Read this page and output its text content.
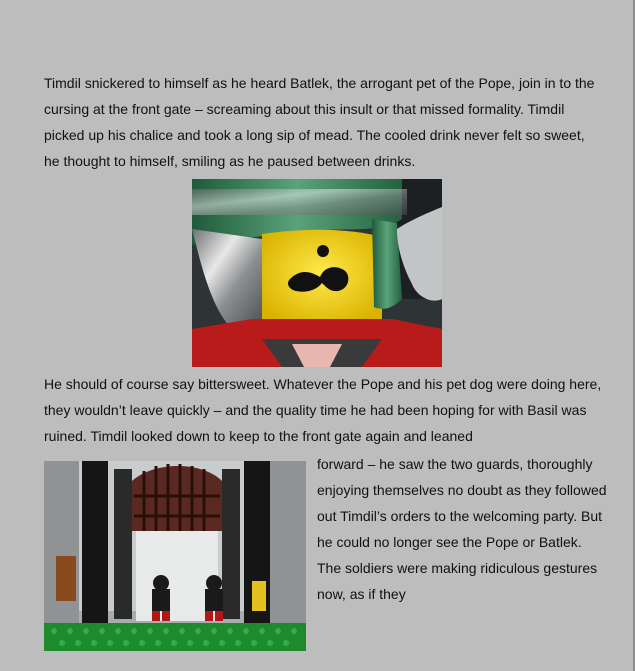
Timdil snickered to himself as he heard Batlek, the arrogant pet of the Pope, join in to the cursing at the front gate – screaming about this insult or that missed formality. Timdil picked up his chalice and took a long sip of mead. The cooled drink never felt so sweet, he thought to himself, smiling as he paused between drinks.

He should of course say bittersweet. Whatever the Pope and his pet dog were doing here, they wouldn’t leave quickly – and the quality time he had been hoping for with Basil was ruined. Timdil looked down to keep to the front gate again and leaned

forward – he saw the two guards, thoroughly enjoying themselves no doubt as they followed out Timdil’s orders to the welcoming party. But he could no longer see the Pope or Batlek. The soldiers were making ridiculous gestures now, as if they
